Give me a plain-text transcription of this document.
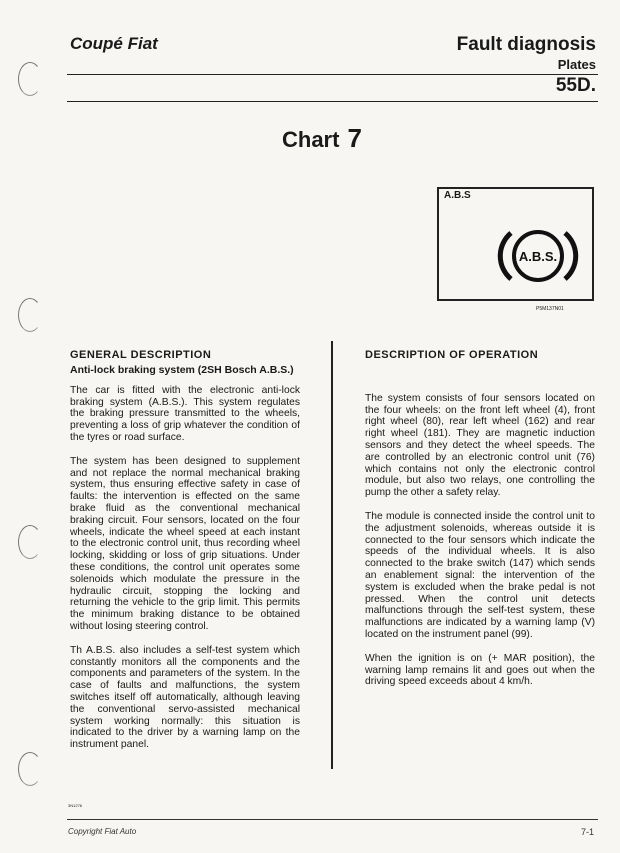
Coupé Fiat	Fault diagnosis
Plates
55D.
Chart 7
A.B.S
A.B.S.
P5M137N01
GENERAL DESCRIPTION
Anti-lock braking system (2SH Bosch A.B.S.)

The car is fitted with the electronic anti-lock braking system (A.B.S.). This system regulates the braking pressure transmitted to the wheels, preventing a loss of grip whatever the condition of the tyres or road surface.

The system has been designed to supplement and not replace the normal mechanical braking system, thus ensuring effective safety in case of faults: the intervention is effected on the same brake fluid as the conventional mechanical braking circuit. Four sensors, located on the four wheels, indicate the wheel speed at each instant to the electronic control unit, thus recording wheel locking, skidding or loss of grip situations. Under these conditions, the control unit operates some solenoids which modulate the pressure in the hydraulic circuit, stopping the locking and returning the vehicle to the grip limit. This permits the minimum braking distance to be obtained without losing steering control.

Th A.B.S. also includes a self-test system which constantly monitors all the components and the components and parameters of the system. In the case of faults and malfunctions, the system switches itself off automatically, although leaving the conventional servo-assisted mechanical system working normally: this situation is indicated to the driver by a warning lamp on the instrument panel.

DESCRIPTION OF OPERATION

The system consists of four sensors located on the four wheels: on the front left wheel (4), front right wheel (80), rear left wheel (162) and rear right wheel (181). They are magnetic induction sensors and they detect the wheel speeds. The are controlled by an electronic control unit (76) which contains not only the electronic control module, but also two relays, one controlling the pump the other a safety relay.

The module is connected inside the control unit to the adjustment solenoids, whereas outside it is connected to the four sensors which indicate the speeds of the individual wheels. It is also connected to the brake switch (147) which sends an enablement signal: the intervention of the system is excluded when the brake pedal is not pressed. When the control unit detects malfunctions through the self-test system, these malfunctions are indicated by a warning lamp (V) located on the instrument panel (99).

When the ignition is on (+ MAR position), the warning lamp remains lit and goes out when the driving speed exceeds about 4 km/h.

3N1276
Copyright Fiat Auto	7-1
